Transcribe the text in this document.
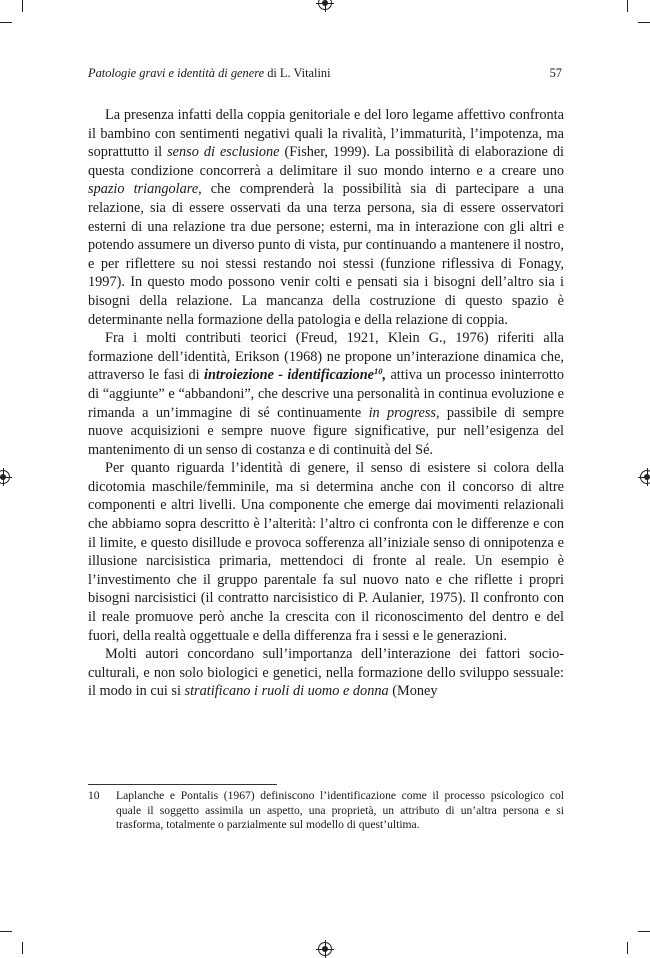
Patologie gravi e identità di genere di L. Vitalini	57

La presenza infatti della coppia genitoriale e del loro legame affettivo confronta il bambino con sentimenti negativi quali la rivalità, l’immaturità, l’impotenza, ma soprattutto il senso di esclusione (Fisher, 1999). La possibilità di elaborazione di questa condizione concorrerà a delimitare il suo mondo interno e a creare uno spazio triangolare, che comprenderà la possibilità sia di partecipare a una relazione, sia di essere osservati da una terza persona, sia di essere osservatori esterni di una relazione tra due persone; esterni, ma in interazione con gli altri e potendo assumere un diverso punto di vista, pur continuando a mantenere il nostro, e per riflettere su noi stessi restando noi stessi (funzione riflessiva di Fonagy, 1997). In questo modo possono venir colti e pensati sia i bisogni dell’altro sia i bisogni della relazione. La mancanza della costruzione di questo spazio è determinante nella formazione della patologia e della relazione di coppia.

Fra i molti contributi teorici (Freud, 1921, Klein G., 1976) riferiti alla formazione dell’identità, Erikson (1968) ne propone un’interazione dinamica che, attraverso le fasi di introiezione - identificazione$^{10}$, attiva un processo ininterrotto di “aggiunte” e “abbandoni”, che descrive una personalità in continua evoluzione e rimanda a un’immagine di sé continuamente in progress, passibile di sempre nuove acquisizioni e sempre nuove figure significative, pur nell’esigenza del mantenimento di un senso di costanza e di continuità del Sé.

Per quanto riguarda l’identità di genere, il senso di esistere si colora della dicotomia maschile/femminile, ma si determina anche con il concorso di altre componenti e altri livelli. Una componente che emerge dai movimenti relazionali che abbiamo sopra descritto è l’alterità: l’altro ci confronta con le differenze e con il limite, e questo disillude e provoca sofferenza all’iniziale senso di onnipotenza e illusione narcisistica primaria, mettendoci di fronte al reale. Un esempio è l’investimento che il gruppo parentale fa sul nuovo nato e che riflette i propri bisogni narcisistici (il contratto narcisistico di P. Aulanier, 1975). Il confronto con il reale promuove però anche la crescita con il riconoscimento del dentro e del fuori, della realtà oggettuale e della differenza fra i sessi e le generazioni.

Molti autori concordano sull’importanza dell’interazione dei fattori socio-culturali, e non solo biologici e genetici, nella formazione dello sviluppo sessuale: il modo in cui si stratificano i ruoli di uomo e donna (Money

10	Laplanche e Pontalis (1967) definiscono l’identificazione come il processo psicologico col quale il soggetto assimila un aspetto, una proprietà, un attributo di un’altra persona e si trasforma, totalmente o parzialmente sul modello di quest’ultima.
